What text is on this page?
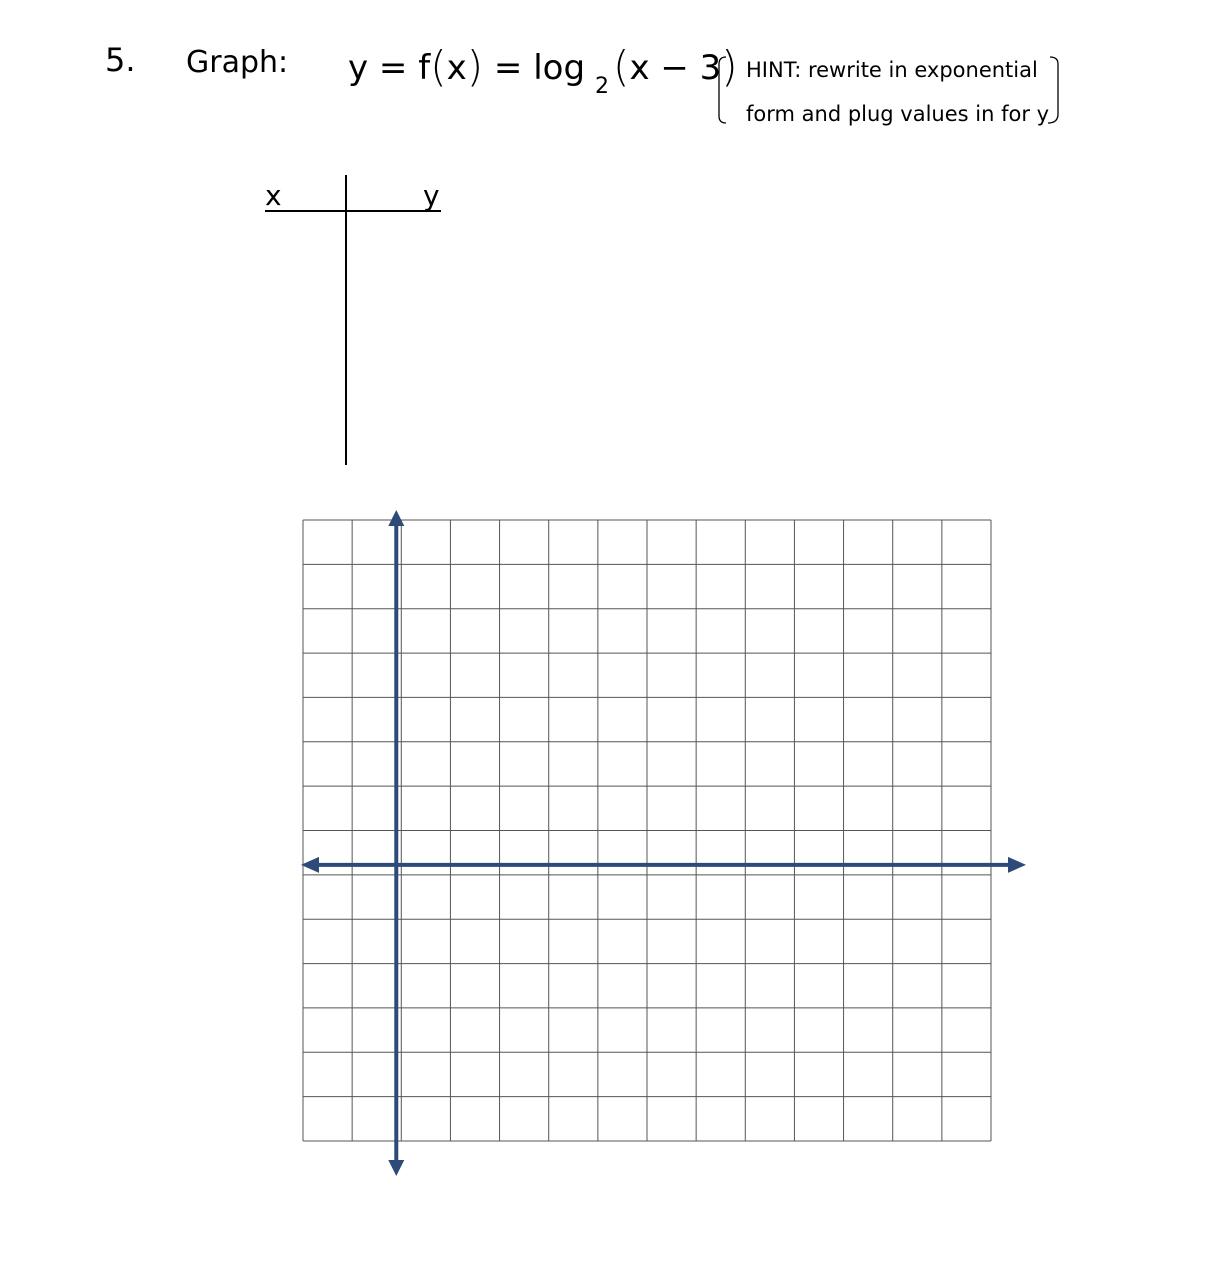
5. Graph: y = f(x) = log $_2$(x − 3) HINT: rewrite in exponential
form and plug values in for y
x	y
